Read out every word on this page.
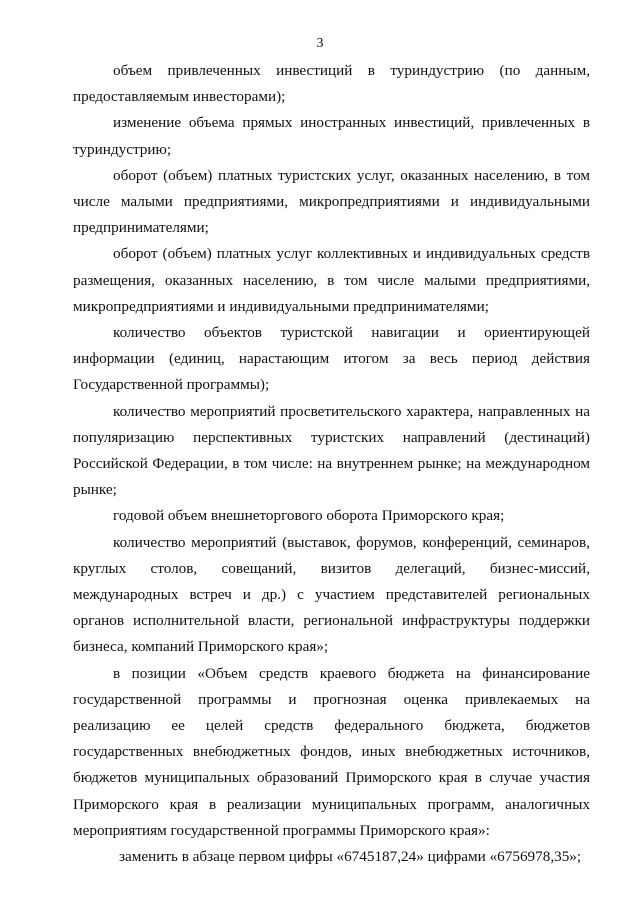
3

объем привлеченных инвестиций в туриндустрию (по данным, предоставляемым инвесторами);

изменение объема прямых иностранных инвестиций, привлеченных в туриндустрию;

оборот (объем) платных туристских услуг, оказанных населению, в том числе малыми предприятиями, микропредприятиями и индивидуальными предпринимателями;

оборот (объем) платных услуг коллективных и индивидуальных средств размещения, оказанных населению, в том числе малыми предприятиями, микропредприятиями и индивидуальными предпринимателями;

количество объектов туристской навигации и ориентирующей информации (единиц, нарастающим итогом за весь период действия Государственной программы);

количество мероприятий просветительского характера, направленных на популяризацию перспективных туристских направлений (дестинаций) Российской Федерации, в том числе: на внутреннем рынке; на международном рынке;

годовой объем внешнеторгового оборота Приморского края;

количество мероприятий (выставок, форумов, конференций, семинаров, круглых столов, совещаний, визитов делегаций, бизнес-миссий, международных встреч и др.) с участием представителей региональных органов исполнительной власти, региональной инфраструктуры поддержки бизнеса, компаний Приморского края»;

в позиции «Объем средств краевого бюджета на финансирование государственной программы и прогнозная оценка привлекаемых на реализацию ее целей средств федерального бюджета, бюджетов государственных внебюджетных фондов, иных внебюджетных источников, бюджетов муниципальных образований Приморского края в случае участия Приморского края в реализации муниципальных программ, аналогичных мероприятиям государственной программы Приморского края»:

заменить в абзаце первом цифры «6745187,24» цифрами «6756978,35»;
